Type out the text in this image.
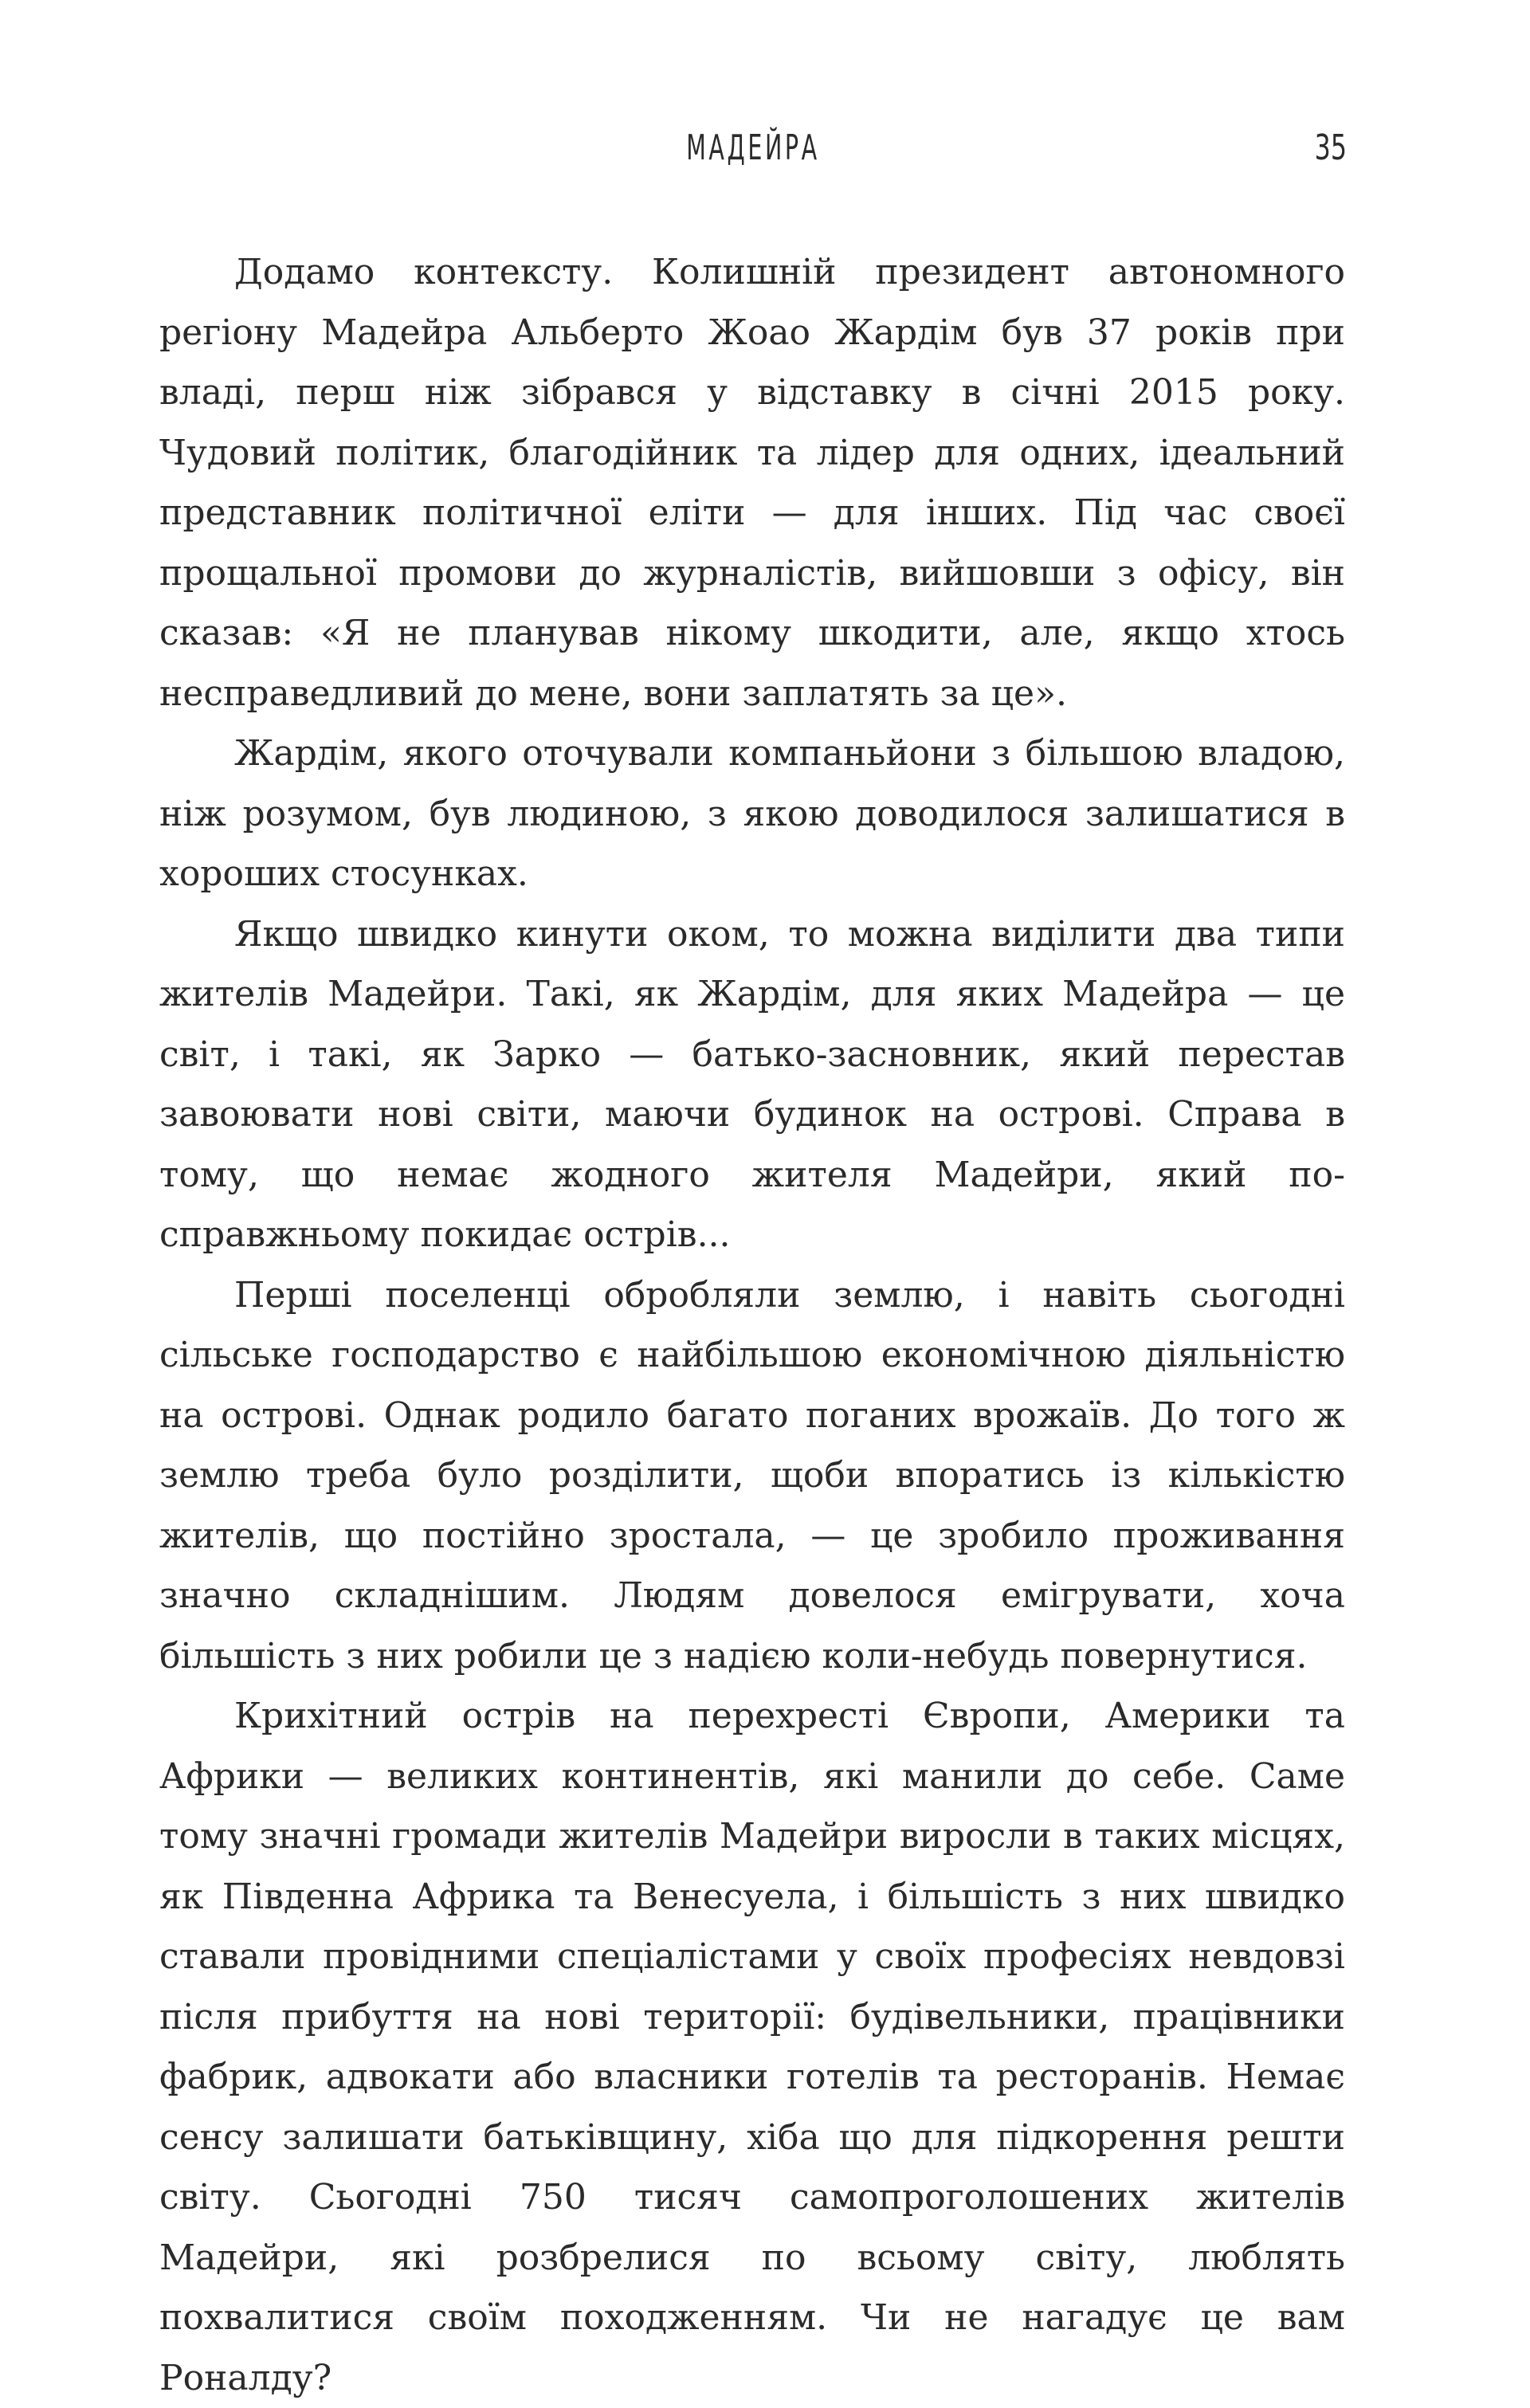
МАДЕЙРА	35

Додамо контексту. Колишній президент автономного регіону Мадейра Альберто Жоао Жардім був 37 років при владі, перш ніж зібрався у відставку в січні 2015 року. Чудовий політик, благодійник та лідер для одних, ідеальний представник політичної еліти — для інших. Під час своєї прощальної промови до журналістів, вийшовши з офісу, він сказав: «Я не планував нікому шкодити, але, якщо хтось несправедливий до мене, вони заплатять за це».

Жардім, якого оточували компаньйони з більшою владою, ніж розумом, був людиною, з якою доводилося залишатися в хороших стосунках.

Якщо швидко кинути оком, то можна виділити два типи жителів Мадейри. Такі, як Жардім, для яких Мадейра — це світ, і такі, як Зарко — батько-засновник, який перестав завоювати нові світи, маючи будинок на острові. Справа в тому, що немає жодного жителя Мадейри, який по-справжньому покидає острів...

Перші поселенці обробляли землю, і навіть сьогодні сільське господарство є найбільшою економічною діяльністю на острові. Однак родило багато поганих врожаїв. До того ж землю треба було розділити, щоби впоратись із кількістю жителів, що постійно зростала, — це зробило проживання значно складнішим. Людям довелося емігрувати, хоча більшість з них робили це з надією коли-небудь повернутися.

Крихітний острів на перехресті Європи, Америки та Африки — великих континентів, які манили до себе. Саме тому значні громади жителів Мадейри виросли в таких місцях, як Південна Африка та Венесуела, і більшість з них швидко ставали провідними спеціалістами у своїх професіях невдовзі після прибуття на нові території: будівельники, працівники фабрик, адвокати або власники готелів та ресторанів. Немає сенсу залишати батьківщину, хіба що для підкорення решти світу. Сьогодні 750 тисяч самопроголошених жителів Мадейри, які розбрелися по всьому світу, люблять похвалитися своїм походженням. Чи не нагадує це вам Роналду?
